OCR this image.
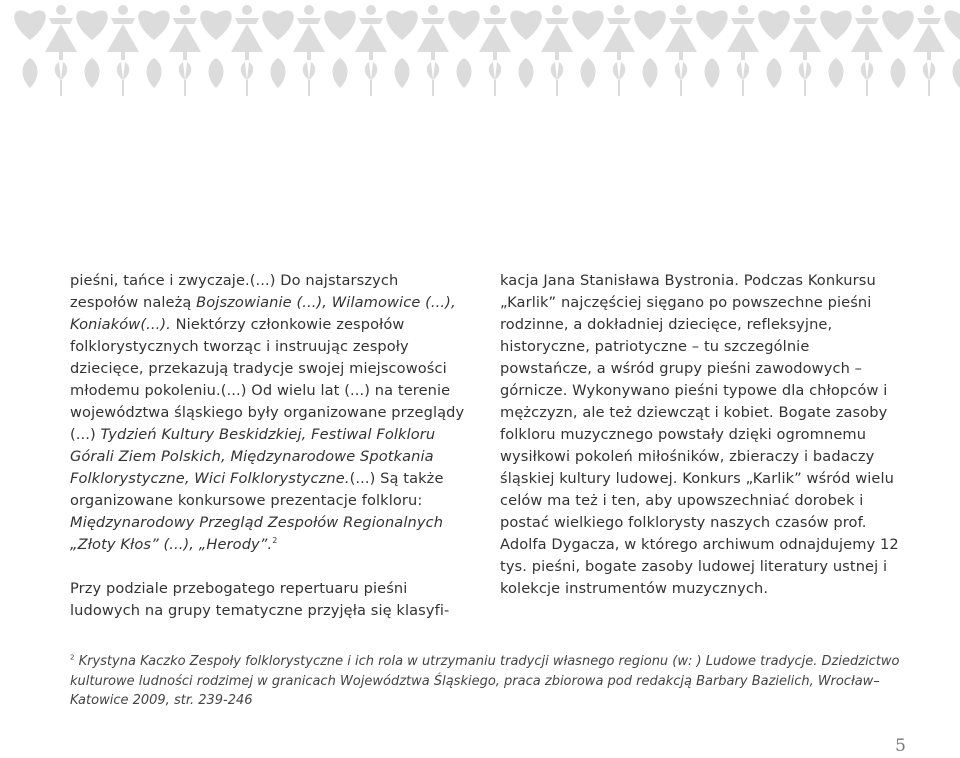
pieśni, tańce i zwyczaje.(...) Do najstarszych zespołów należą Bojszowianie (...), Wilamowice (...), Koniaków(...). Niektórzy członkowie zespołów folklorystycznych tworząc i instruując zespoły dziecięce, przekazują tradycje swojej miejscowości młodemu pokoleniu.(...) Od wielu lat (...) na terenie województwa śląskiego były organizowane przeglądy (...) Tydzień Kultury Beskidzkiej, Festiwal Folkloru Górali Ziem Polskich, Międzynarodowe Spotkania Folklorystyczne, Wici Folklorystyczne.(...) Są także organizowane konkursowe prezentacje folkloru: Międzynarodowy Przegląd Zespołów Regionalnych „Złoty Kłos” (...), „Herody”.$^2$

Przy podziale przebogatego repertuaru pieśni ludowych na grupy tematyczne przyjęła się klasyfi-

kacja Jana Stanisława Bystronia. Podczas Konkursu „Karlik” najczęściej sięgano po powszechne pieśni rodzinne, a dokładniej dziecięce, refleksyjne, historyczne, patriotyczne – tu szczególnie powstańcze, a wśród grupy pieśni zawodowych – górnicze. Wykonywano pieśni typowe dla chłopców i mężczyzn, ale też dziewcząt i kobiet. Bogate zasoby folkloru muzycznego powstały dzięki ogromnemu wysiłkowi pokoleń miłośników, zbieraczy i badaczy śląskiej kultury ludowej. Konkurs „Karlik” wśród wielu celów ma też i ten, aby upowszechniać dorobek i postać wielkiego folklorysty naszych czasów prof. Adolfa Dygacza, w którego archiwum odnajdujemy 12 tys. pieśni, bogate zasoby ludowej literatury ustnej i kolekcje instrumentów muzycznych.

$^2$ Krystyna Kaczko Zespoły folklorystyczne i ich rola w utrzymaniu tradycji własnego regionu (w: ) Ludowe tradycje. Dziedzictwo kulturowe ludności rodzimej w granicach Województwa Śląskiego, praca zbiorowa pod redakcją Barbary Bazielich, Wrocław– Katowice 2009, str. 239-246
5
